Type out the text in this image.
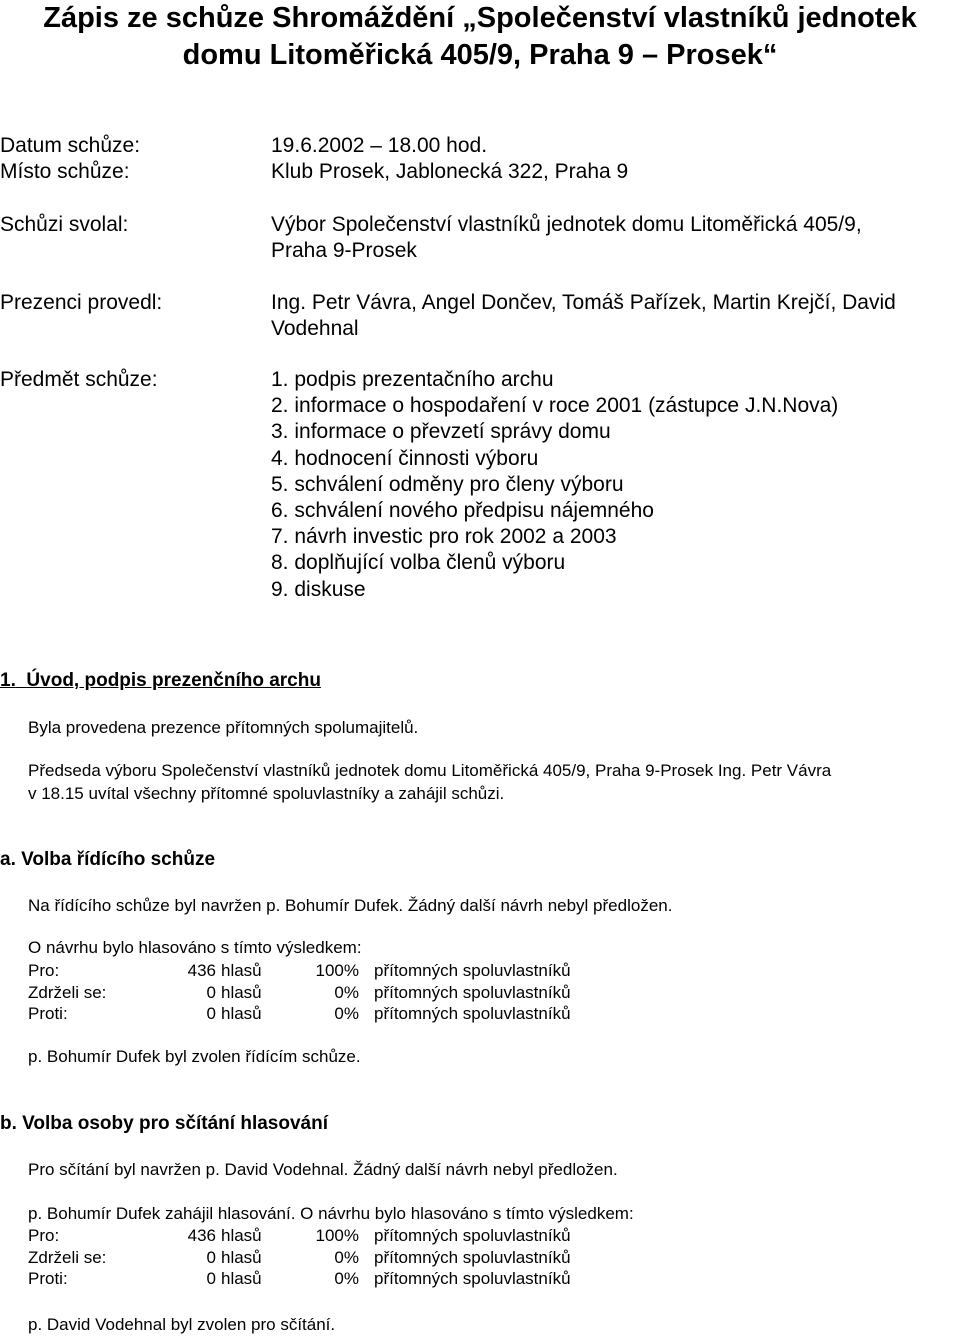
Zápis ze schůze Shromáždění „Společenství vlastníků jednotek
domu Litoměřická 405/9, Praha 9 – Prosek“
Datum schůze:	19.6.2002 – 18.00 hod.
Místo schůze:	Klub Prosek, Jablonecká 322, Praha 9
Schůzi svolal:	Výbor Společenství vlastníků jednotek domu Litoměřická 405/9,
Praha 9-Prosek
Prezenci provedl:	Ing. Petr Vávra, Angel Dončev, Tomáš Pařízek, Martin Krejčí, David
Vodehnal
Předmět schůze:	1. podpis prezentačního archu
2. informace o hospodaření v roce 2001 (zástupce J.N.Nova)
3. informace o převzetí správy domu
4. hodnocení činnosti výboru
5. schválení odměny pro členy výboru
6. schválení nového předpisu nájemného
7. návrh investic pro rok 2002 a 2003
8. doplňující volba členů výboru
9. diskuse
1. Úvod, podpis prezenčního archu
Byla provedena prezence přítomných spolumajitelů.
Předseda výboru Společenství vlastníků jednotek domu Litoměřická 405/9, Praha 9-Prosek Ing. Petr Vávra
v 18.15 uvítal všechny přítomné spoluvlastníky a zahájil schůzi.
a. Volba řídícího schůze
Na řídícího schůze byl navržen p. Bohumír Dufek. Žádný další návrh nebyl předložen.
O návrhu bylo hlasováno s tímto výsledkem:
Pro:	436	hlasů	100%	přítomných spoluvlastníků
Zdrželi se:	0	hlasů	0%	přítomných spoluvlastníků
Proti:	0	hlasů	0%	přítomných spoluvlastníků
p. Bohumír Dufek byl zvolen řídícím schůze.
b. Volba osoby pro sčítání hlasování
Pro sčítání byl navržen p. David Vodehnal. Žádný další návrh nebyl předložen.
p. Bohumír Dufek zahájil hlasování. O návrhu bylo hlasováno s tímto výsledkem:
Pro:	436	hlasů	100%	přítomných spoluvlastníků
Zdrželi se:	0	hlasů	0%	přítomných spoluvlastníků
Proti:	0	hlasů	0%	přítomných spoluvlastníků
p. David Vodehnal byl zvolen pro sčítání.
